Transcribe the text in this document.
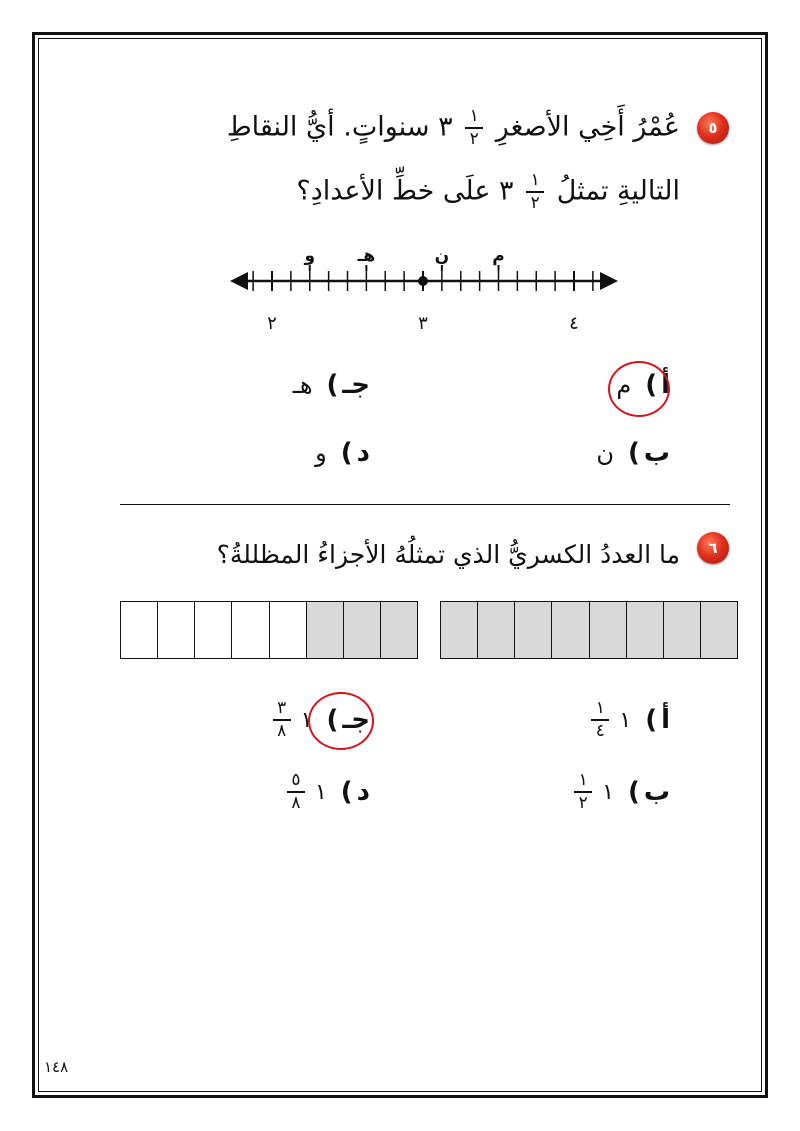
٥
عُمْرُ أَخِي الأصغرِ
$\frac{١}{٢}$
٣ سنواتٍ. أيُّ النقاطِ
التاليةِ تمثلُ
$\frac{١}{٢}$
٣ علَى خطِّ الأعدادِ؟
٢	٣	٤
و	هـ	ن	م
أ
)
م
جـ
)
هـ
ب
)
ن
د
)
و
٦
ما العددُ الكسريُّ الذي تمثلُهُ الأجزاءُ المظللةُ؟
أ
)
١
$\frac{١}{٤}$
جـ
)
١
$\frac{٣}{٨}$
ب
)
١
$\frac{١}{٢}$
د
)
١
$\frac{٥}{٨}$
١٤٨
